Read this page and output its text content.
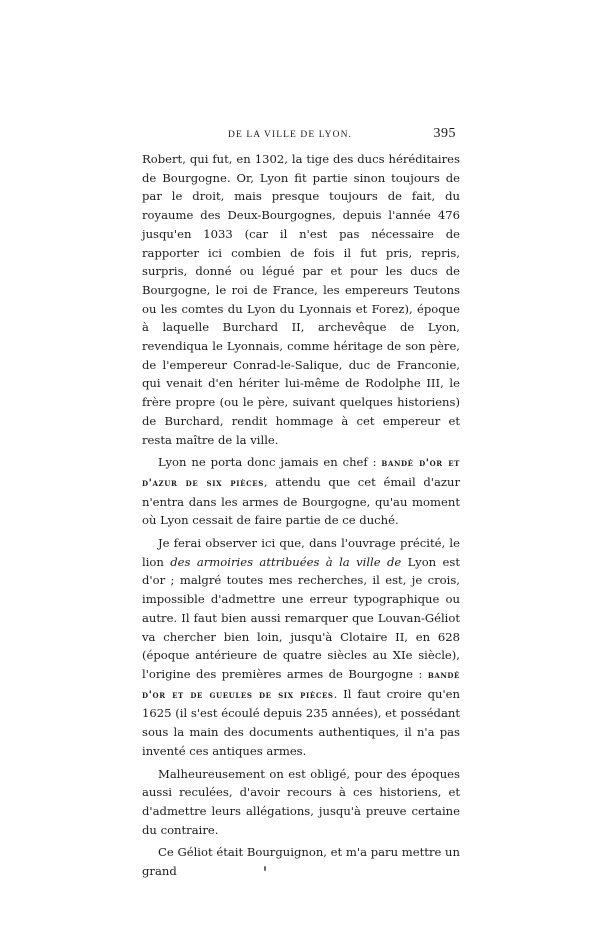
DE LA VILLE DE LYON.	395

Robert, qui fut, en 1302, la tige des ducs héréditaires de Bourgogne. Or, Lyon fit partie sinon toujours de par le droit, mais presque toujours de fait, du royaume des Deux-Bourgognes, depuis l'année 476 jusqu'en 1033 (car il n'est pas nécessaire de rapporter ici combien de fois il fut pris, repris, surpris, donné ou légué par et pour les ducs de Bourgogne, le roi de France, les empereurs Teutons ou les comtes du Lyon du Lyonnais et Forez), époque à laquelle Burchard II, archevêque de Lyon, revendiqua le Lyonnais, comme héritage de son père, de l'empereur Conrad-le-Salique, duc de Franconie, qui venait d'en hériter lui-même de Rodolphe III, le frère propre (ou le père, suivant quelques historiens) de Burchard, rendit hommage à cet empereur et resta maître de la ville.

Lyon ne porta donc jamais en chef : bandé d'or et d'azur de six pièces, attendu que cet émail d'azur n'entra dans les armes de Bourgogne, qu'au moment où Lyon cessait de faire partie de ce duché.

Je ferai observer ici que, dans l'ouvrage précité, le lion des armoiries attribuées à la ville de Lyon est d'or ; malgré toutes mes recherches, il est, je crois, impossible d'admettre une erreur typographique ou autre. Il faut bien aussi remarquer que Louvan-Géliot va chercher bien loin, jusqu'à Clotaire II, en 628 (époque antérieure de quatre siècles au XIe siècle), l'origine des premières armes de Bourgogne : bandé d'or et de gueules de six pièces. Il faut croire qu'en 1625 (il s'est écoulé depuis 235 années), et possédant sous la main des documents authentiques, il n'a pas inventé ces antiques armes.

Malheureusement on est obligé, pour des époques aussi reculées, d'avoir recours à ces historiens, et d'admettre leurs allégations, jusqu'à preuve certaine du contraire.

Ce Géliot était Bourguignon, et m'a paru mettre un grand
